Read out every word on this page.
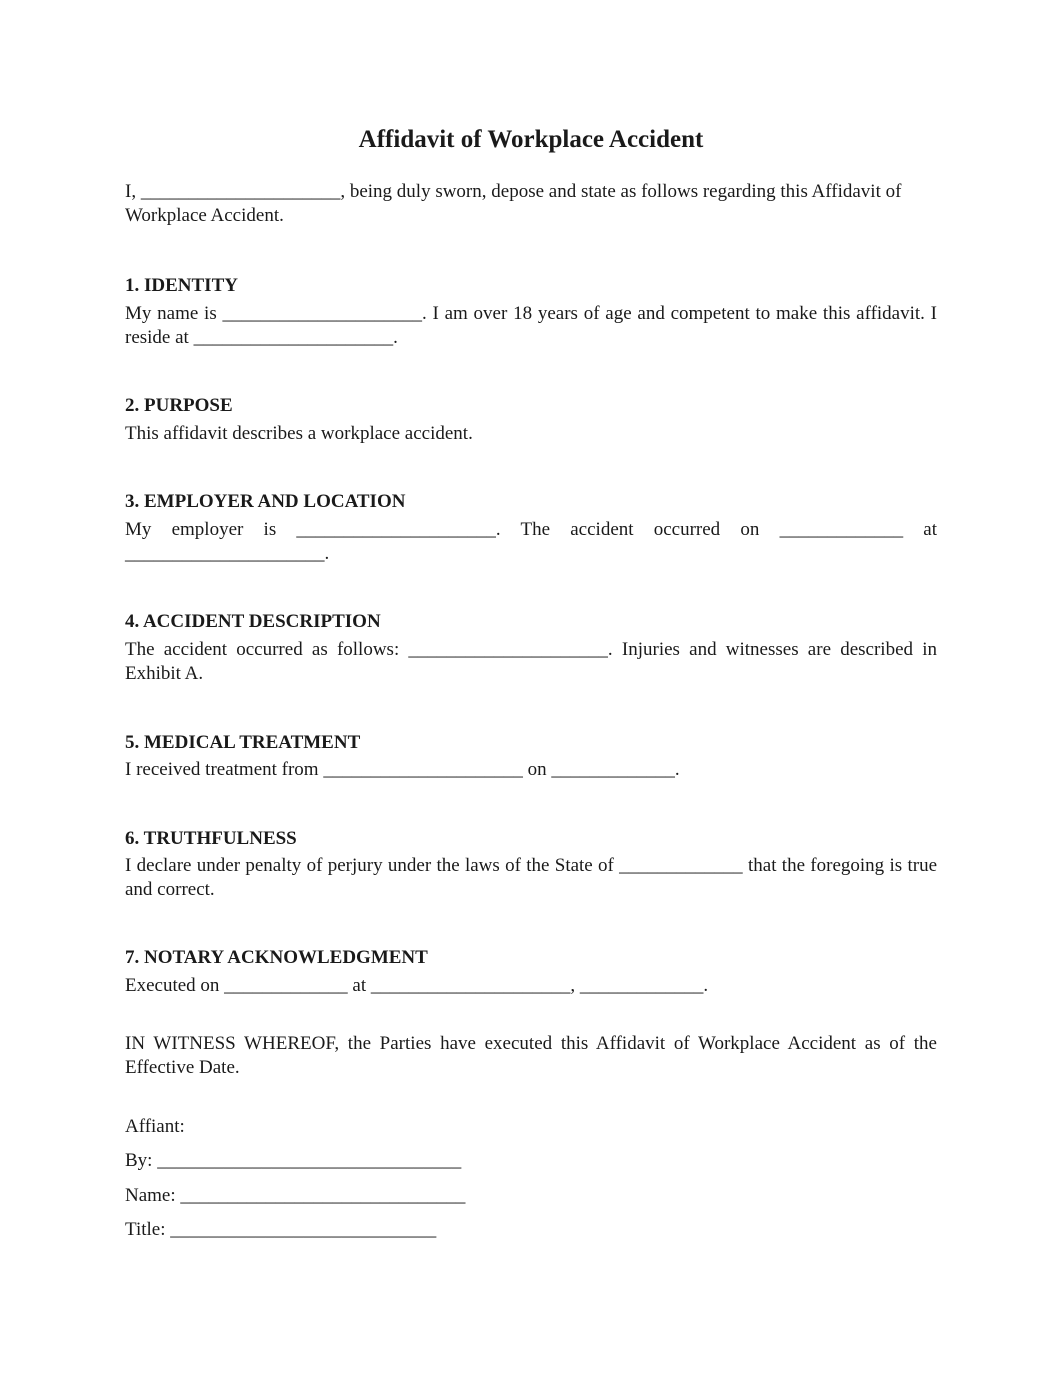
Affidavit of Workplace Accident

I, _____________________, being duly sworn, depose and state as follows regarding this Affidavit of Workplace Accident.

1. IDENTITY

My name is _____________________. I am over 18 years of age and competent to make this affidavit. I reside at _____________________.

2. PURPOSE

This affidavit describes a workplace accident.

3. EMPLOYER AND LOCATION

My employer is _____________________. The accident occurred on _____________ at _____________________.

4. ACCIDENT DESCRIPTION

The accident occurred as follows: _____________________. Injuries and witnesses are described in Exhibit A.

5. MEDICAL TREATMENT

I received treatment from _____________________ on _____________.

6. TRUTHFULNESS

I declare under penalty of perjury under the laws of the State of _____________ that the foregoing is true and correct.

7. NOTARY ACKNOWLEDGMENT

Executed on _____________ at _____________________, _____________.

IN WITNESS WHEREOF, the Parties have executed this Affidavit of Workplace Accident as of the Effective Date.

Affiant:
By: ________________________________
Name: ______________________________
Title: ____________________________
